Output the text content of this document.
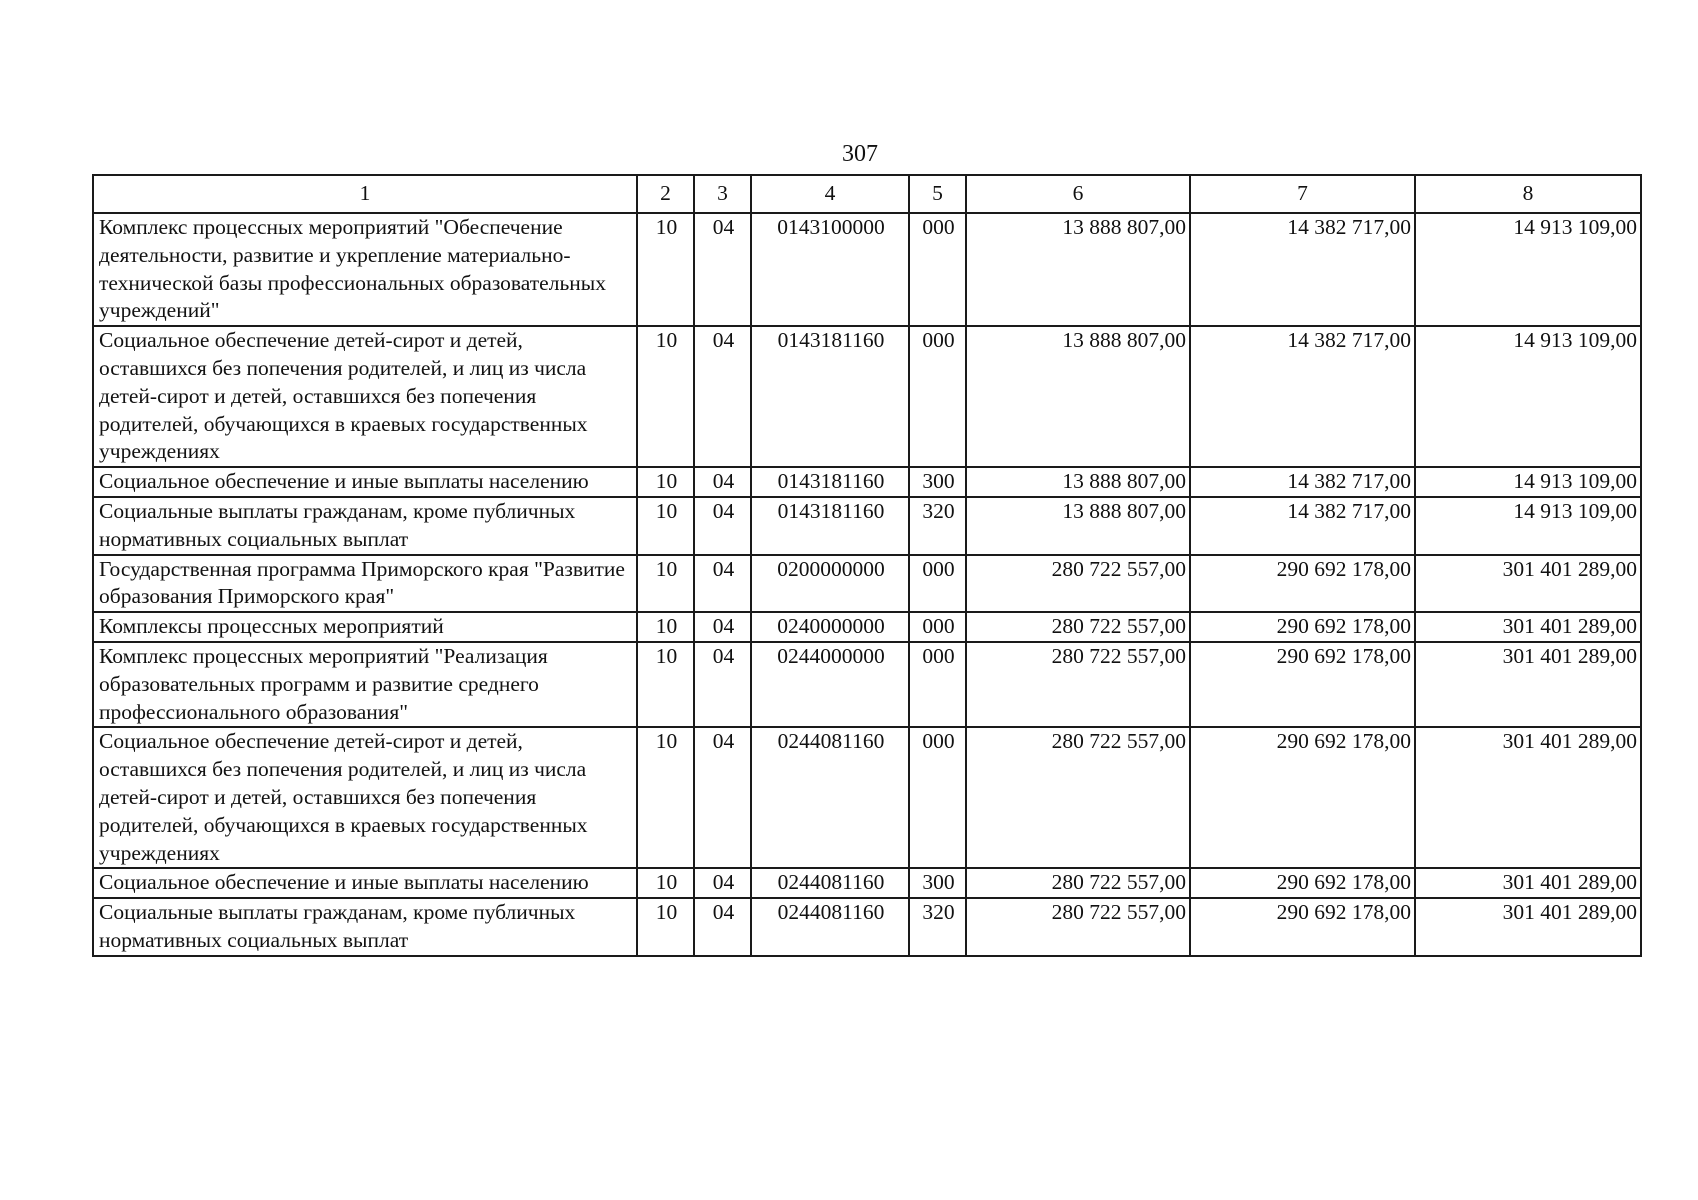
307
1	2	3	4	5	6	7	8
Комплекс процессных мероприятий "Обеспечение деятельности, развитие и укрепление материально-технической базы профессиональных образовательных учреждений"	10	04	0143100000	000	13 888 807,00	14 382 717,00	14 913 109,00
Социальное обеспечение детей-сирот и детей, оставшихся без попечения родителей, и лиц из числа детей-сирот и детей, оставшихся без попечения родителей, обучающихся в краевых государственных учреждениях	10	04	0143181160	000	13 888 807,00	14 382 717,00	14 913 109,00
Социальное обеспечение и иные выплаты населению	10	04	0143181160	300	13 888 807,00	14 382 717,00	14 913 109,00
Социальные выплаты гражданам, кроме публичных нормативных социальных выплат	10	04	0143181160	320	13 888 807,00	14 382 717,00	14 913 109,00
Государственная программа Приморского края "Развитие образования Приморского края"	10	04	0200000000	000	280 722 557,00	290 692 178,00	301 401 289,00
Комплексы процессных мероприятий	10	04	0240000000	000	280 722 557,00	290 692 178,00	301 401 289,00
Комплекс процессных мероприятий "Реализация образовательных программ и развитие среднего профессионального образования"	10	04	0244000000	000	280 722 557,00	290 692 178,00	301 401 289,00
Социальное обеспечение детей-сирот и детей, оставшихся без попечения родителей, и лиц из числа детей-сирот и детей, оставшихся без попечения родителей, обучающихся в краевых государственных учреждениях	10	04	0244081160	000	280 722 557,00	290 692 178,00	301 401 289,00
Социальное обеспечение и иные выплаты населению	10	04	0244081160	300	280 722 557,00	290 692 178,00	301 401 289,00
Социальные выплаты гражданам, кроме публичных нормативных социальных выплат	10	04	0244081160	320	280 722 557,00	290 692 178,00	301 401 289,00
